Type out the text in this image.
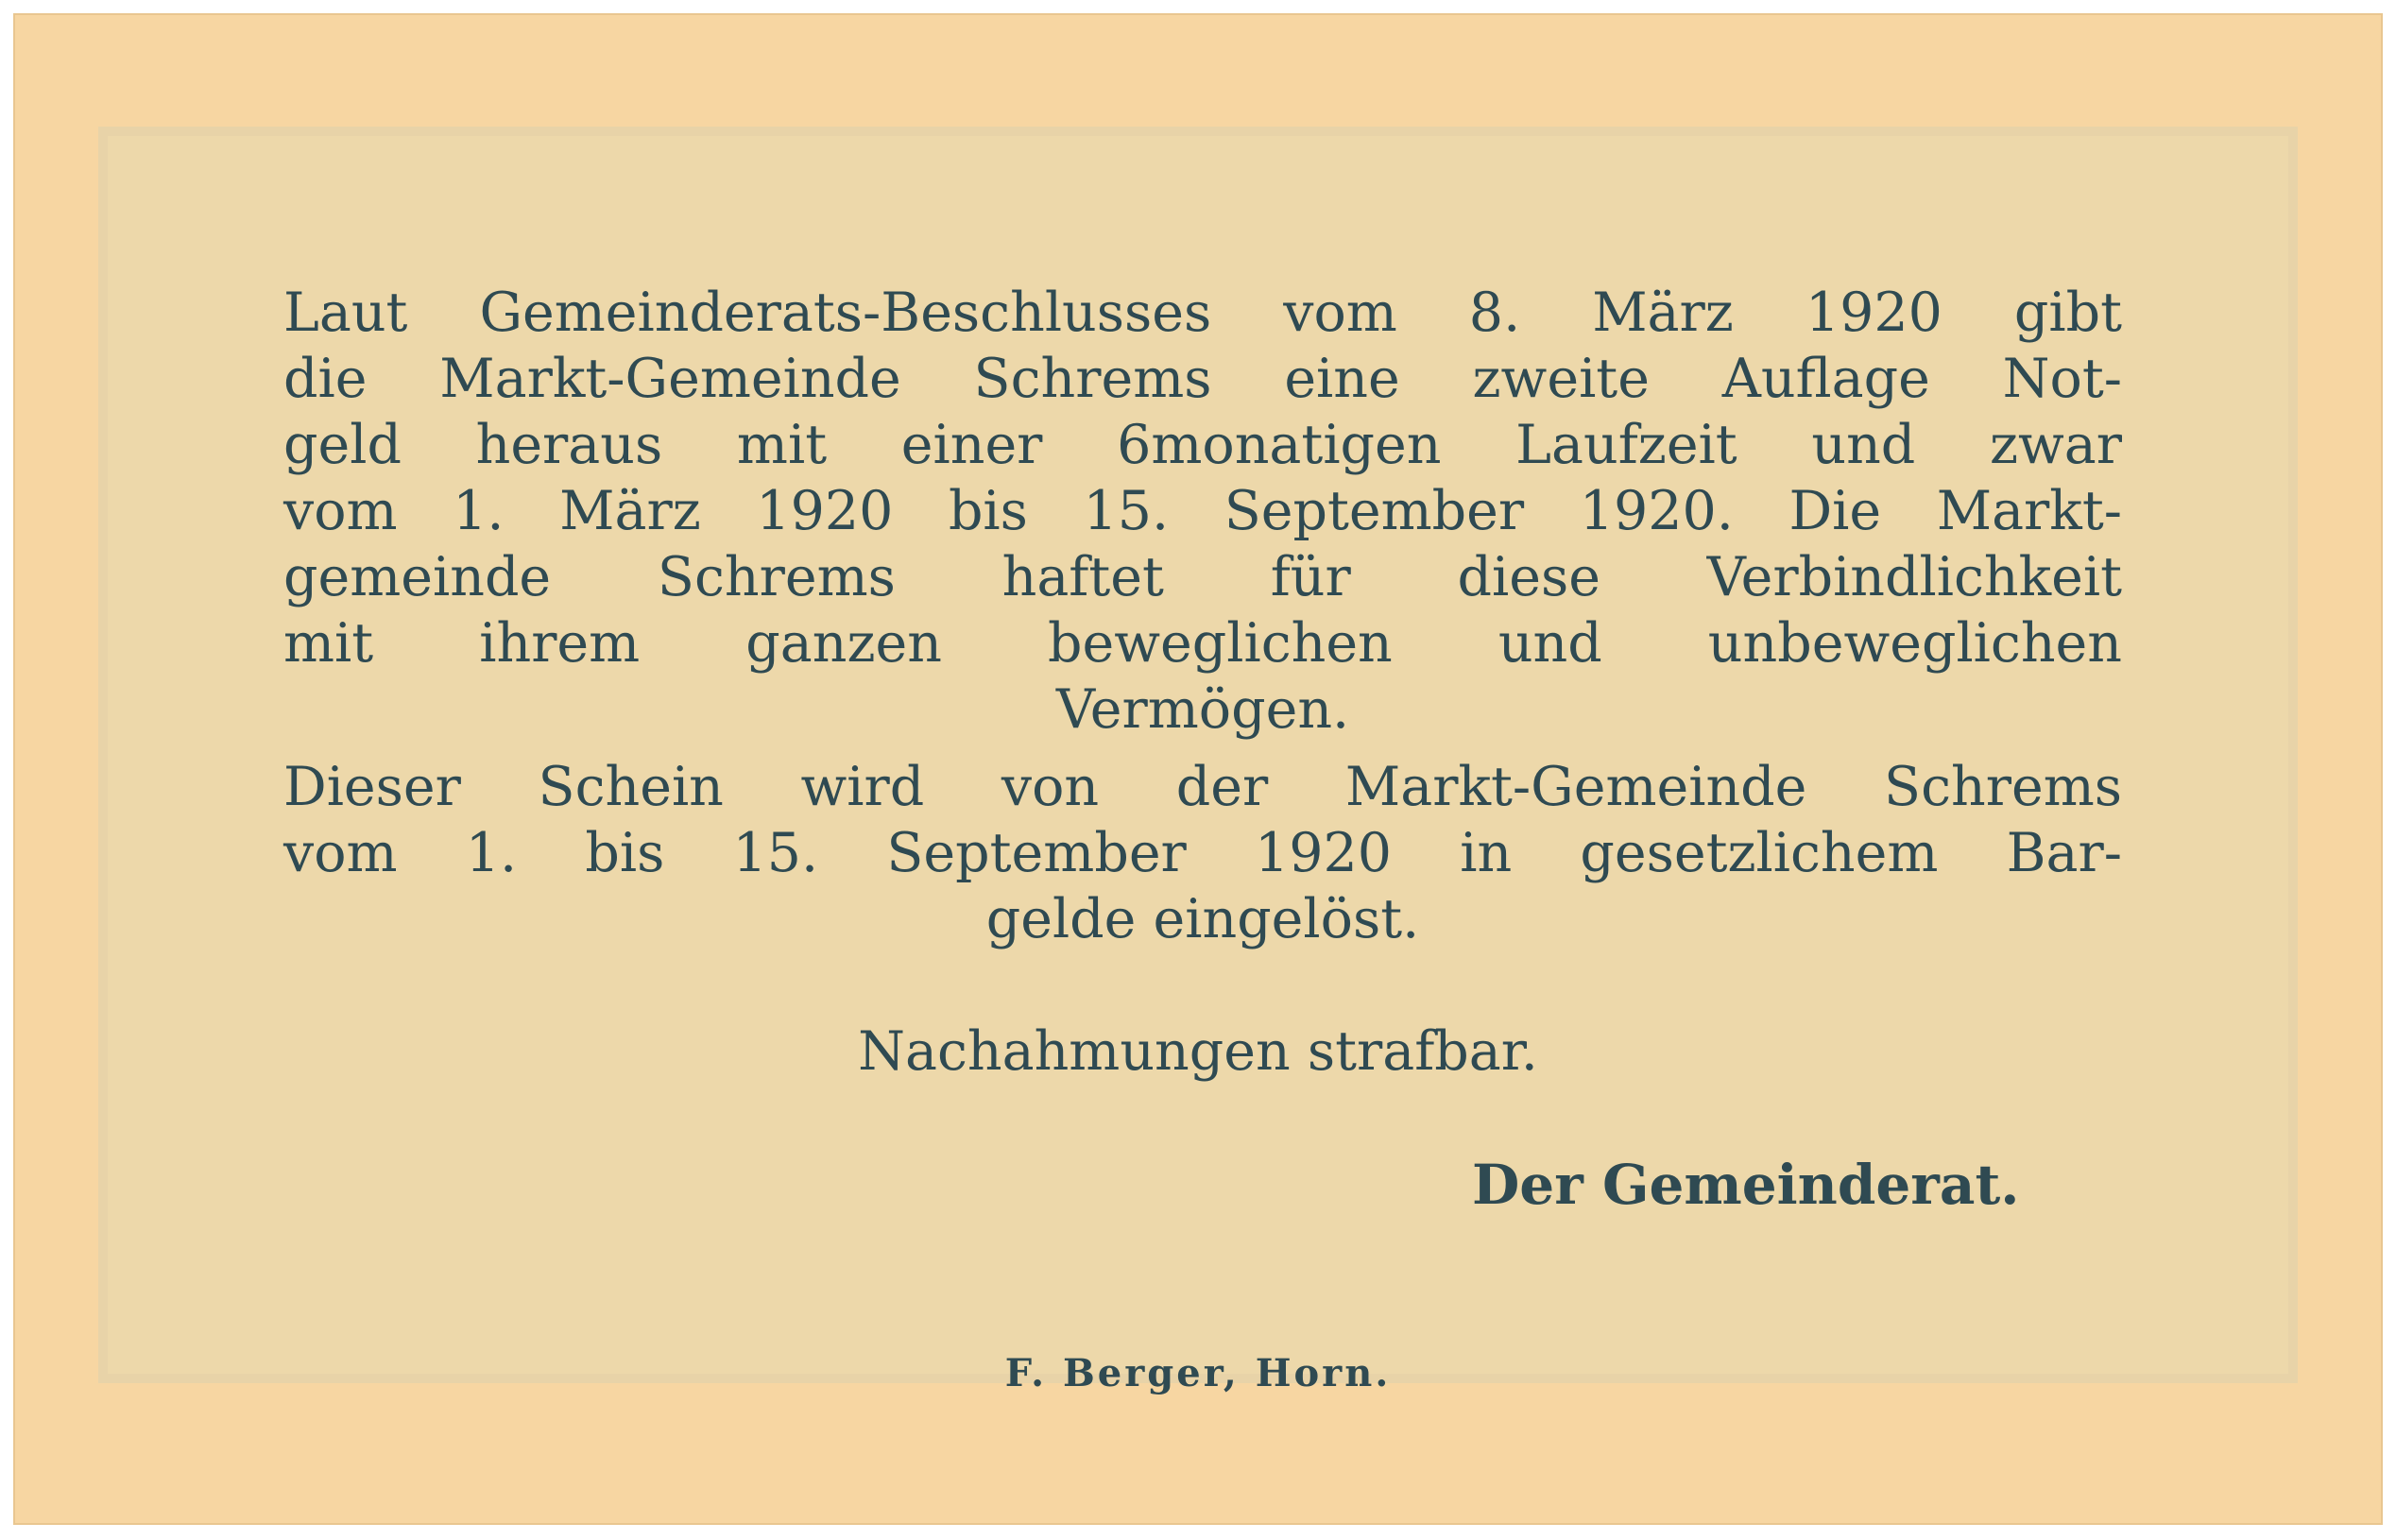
Laut Gemeinderats-Beschlusses vom 8. März 1920 gibt
die Markt-Gemeinde Schrems eine zweite Auflage Not-
geld heraus mit einer 6monatigen Laufzeit und zwar
vom 1. März 1920 bis 15. September 1920. Die Markt-
gemeinde Schrems haftet für diese Verbindlichkeit
mit ihrem ganzen beweglichen und unbeweglichen
Vermögen.
Dieser Schein wird von der Markt-Gemeinde Schrems
vom 1. bis 15. September 1920 in gesetzlichem Bar-
gelde eingelöst.
Nachahmungen strafbar.
Der Gemeinderat.
F. Berger, Horn.
